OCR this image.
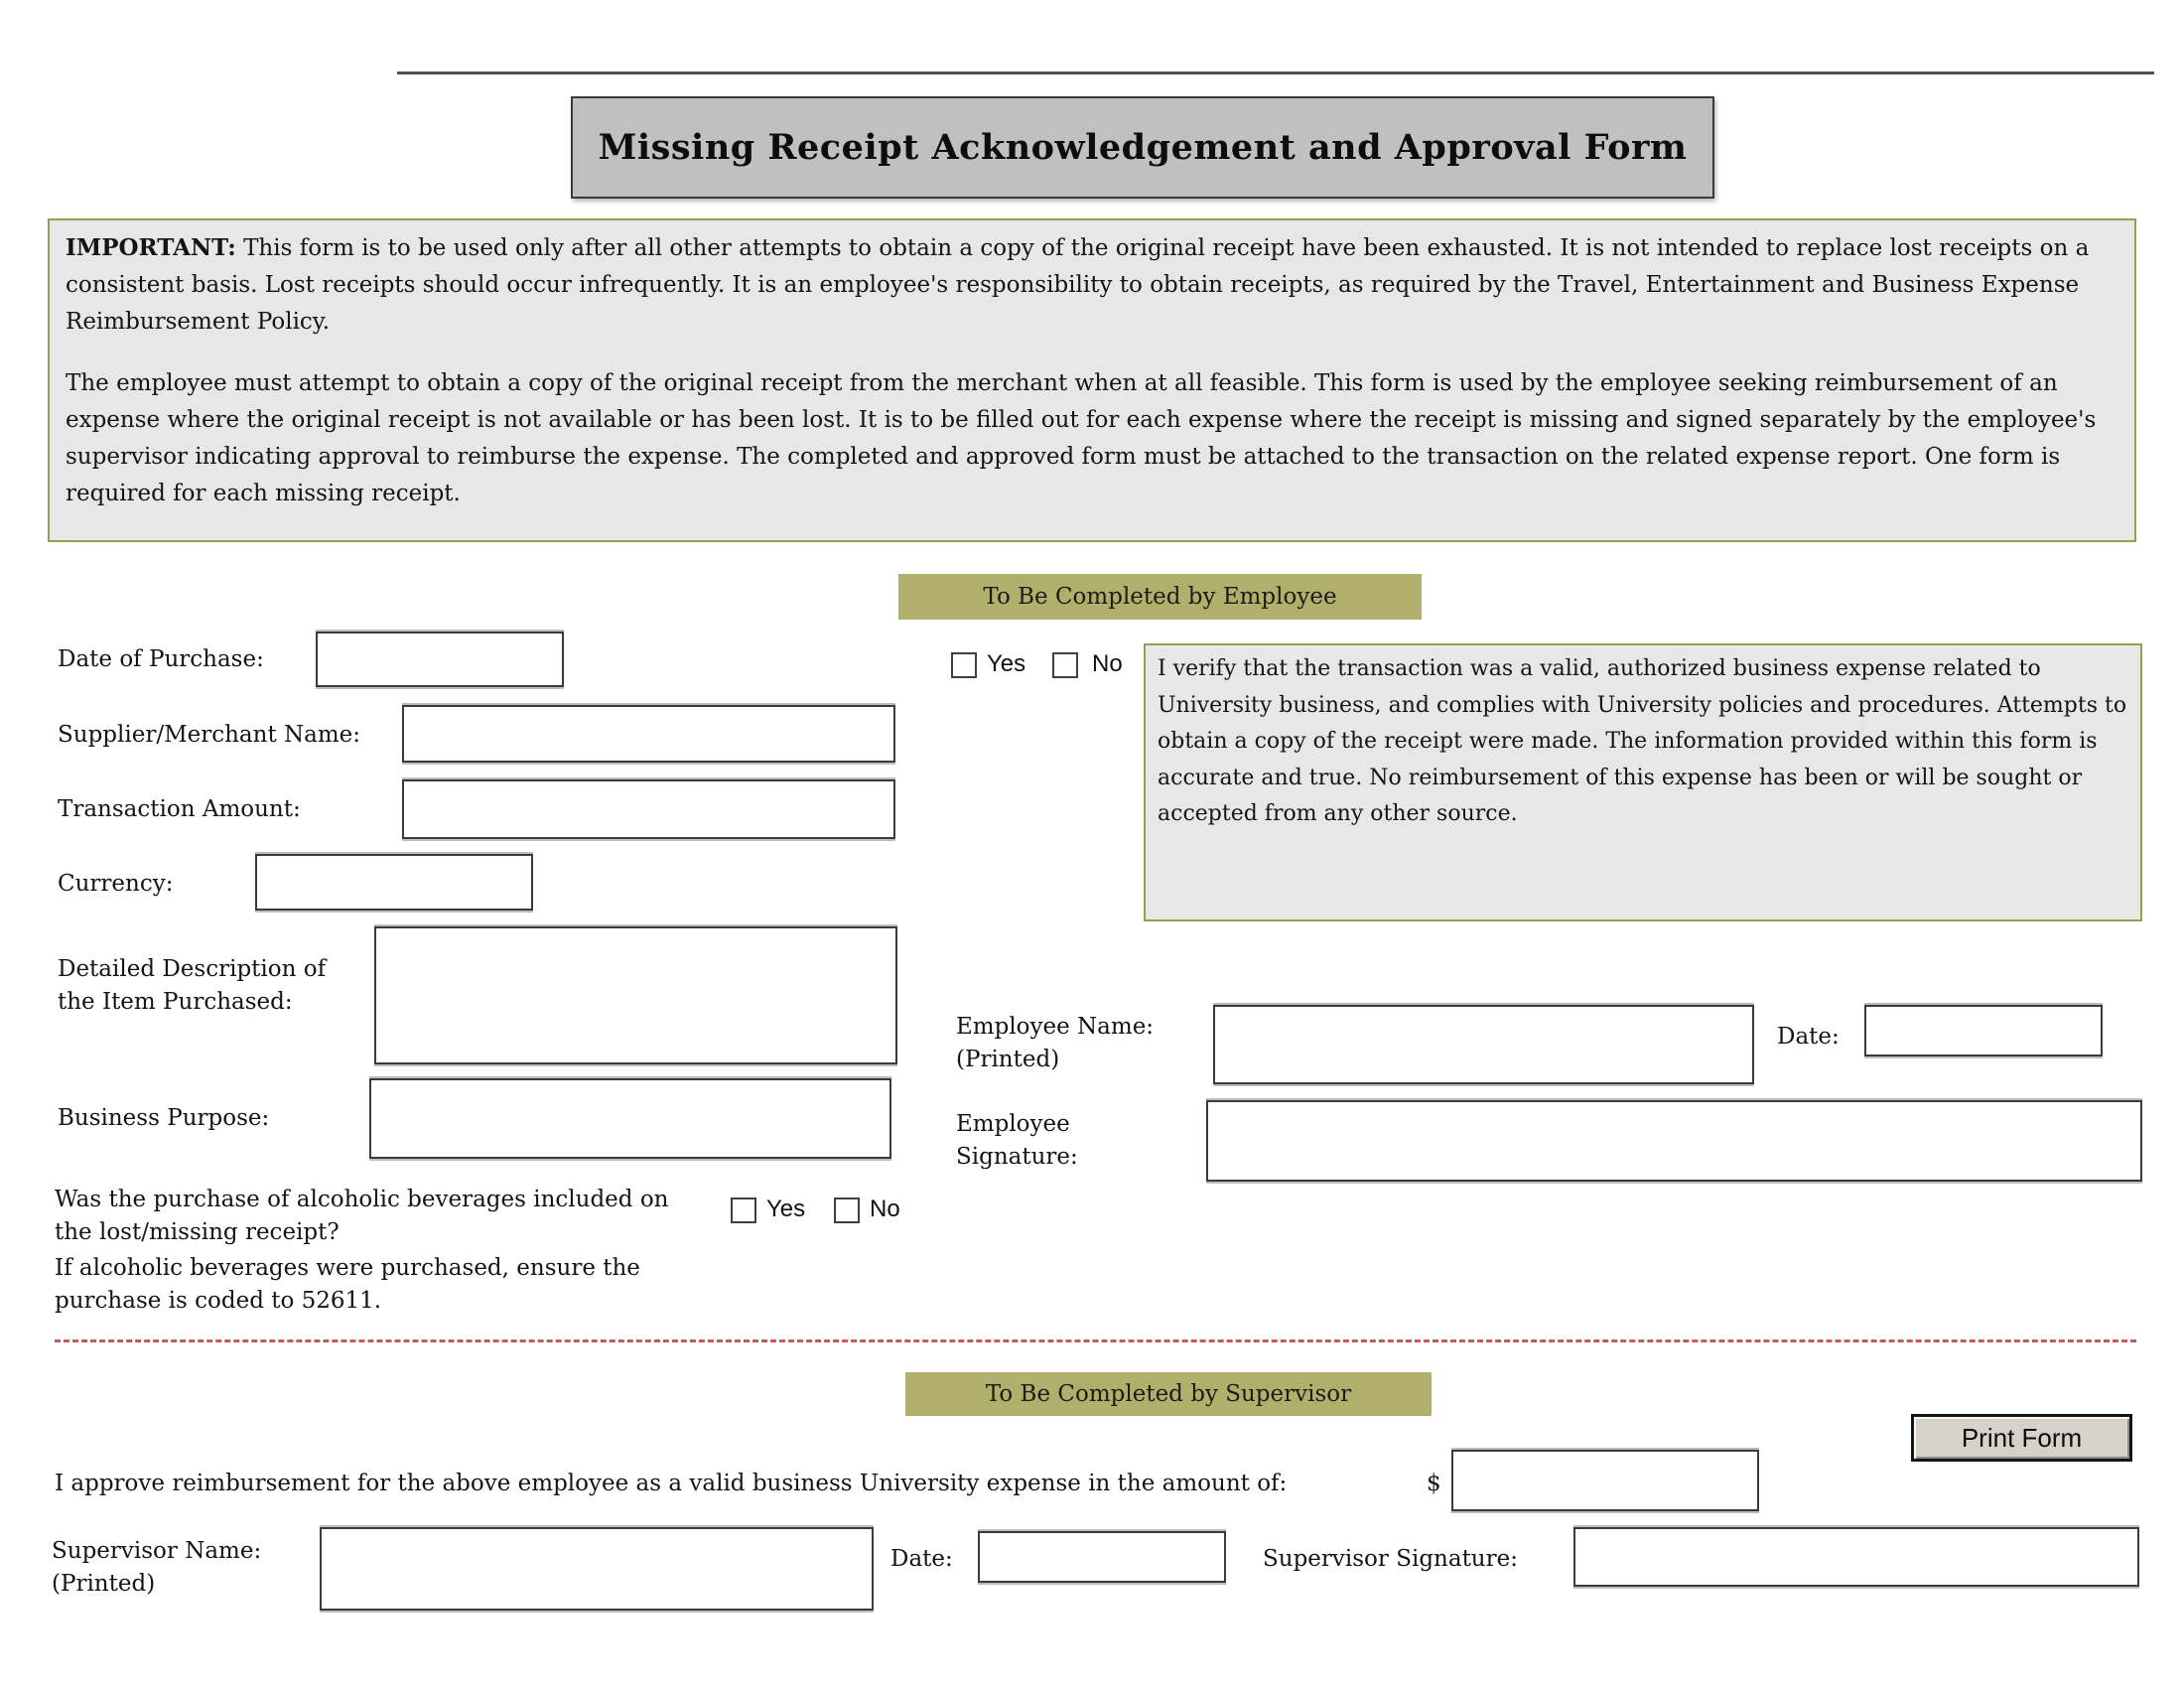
Missing Receipt Acknowledgement and Approval Form

IMPORTANT: This form is to be used only after all other attempts to obtain a copy of the original receipt have been exhausted. It is not intended to replace lost receipts on a consistent basis. Lost receipts should occur infrequently. It is an employee's responsibility to obtain receipts, as required by the Travel, Entertainment and Business Expense Reimbursement Policy.

The employee must attempt to obtain a copy of the original receipt from the merchant when at all feasible. This form is used by the employee seeking reimbursement of an expense where the original receipt is not available or has been lost. It is to be filled out for each expense where the receipt is missing and signed separately by the employee's supervisor indicating approval to reimburse the expense. The completed and approved form must be attached to the transaction on the related expense report. One form is required for each missing receipt.

To Be Completed by Employee
Date of Purchase:
Supplier/Merchant Name:
Transaction Amount:
Currency:
Detailed Description of the Item Purchased:
Business Purpose:
Was the purchase of alcoholic beverages included on the lost/missing receipt?
Yes	No
If alcoholic beverages were purchased, ensure the purchase is coded to 52611.
Yes	No	I verify that the transaction was a valid, authorized business expense related to University business, and complies with University policies and procedures. Attempts to obtain a copy of the receipt were made. The information provided within this form is accurate and true. No reimbursement of this expense has been or will be sought or accepted from any other source.
Employee Name:
(Printed)
Date:
Employee Signature:
To Be Completed by Supervisor
Print Form
I approve reimbursement for the above employee as a valid business University expense in the amount of:	$
Supervisor Name:
(Printed)
Date:	Supervisor Signature:
